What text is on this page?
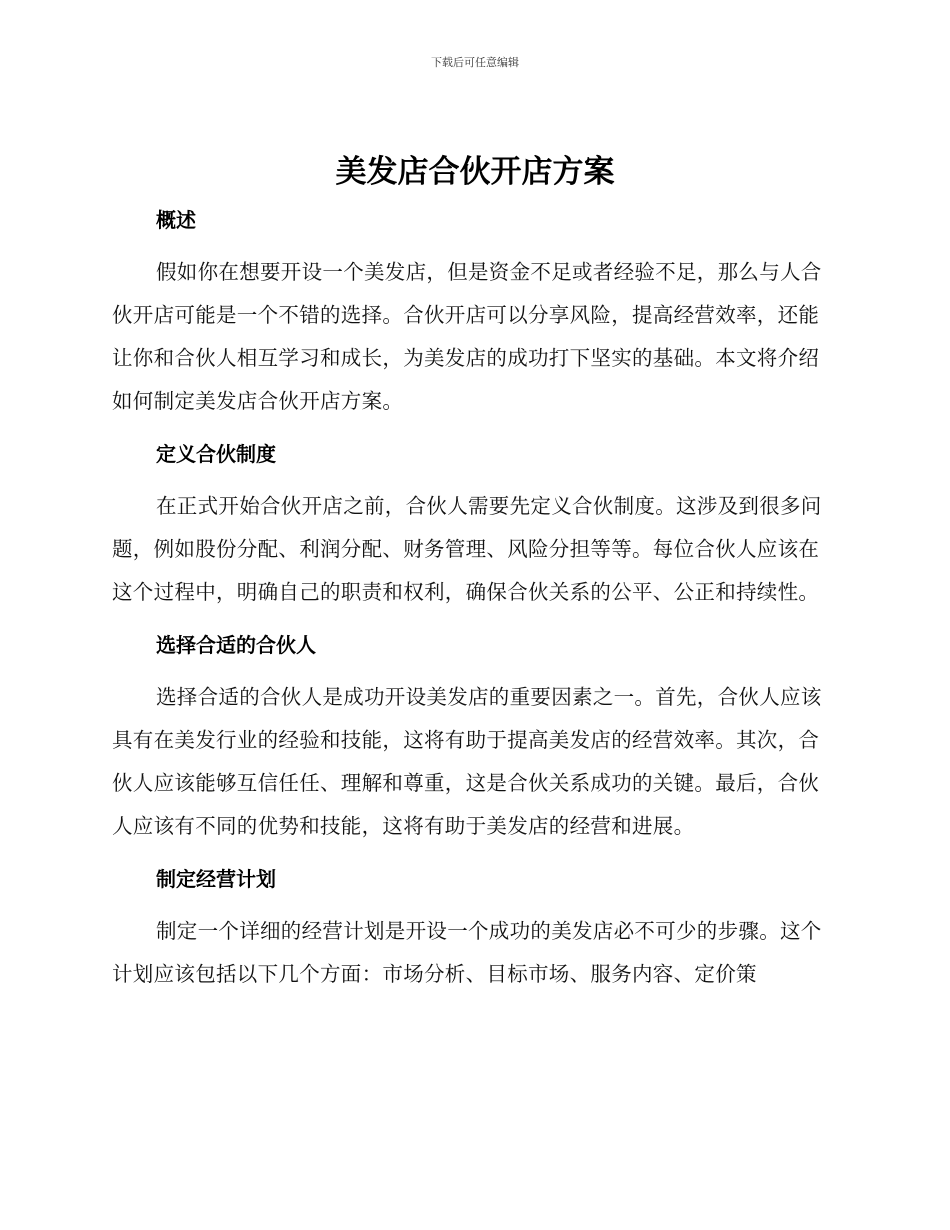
下载后可任意编辑
美发店合伙开店方案
概述

假如你在想要开设一个美发店，但是资金不足或者经验不足，那么与人合伙开店可能是一个不错的选择。合伙开店可以分享风险，提高经营效率，还能让你和合伙人相互学习和成长，为美发店的成功打下坚实的基础。本文将介绍如何制定美发店合伙开店方案。

定义合伙制度

在正式开始合伙开店之前，合伙人需要先定义合伙制度。这涉及到很多问题，例如股份分配、利润分配、财务管理、风险分担等等。每位合伙人应该在这个过程中，明确自己的职责和权利，确保合伙关系的公平、公正和持续性。

选择合适的合伙人

选择合适的合伙人是成功开设美发店的重要因素之一。首先，合伙人应该具有在美发行业的经验和技能，这将有助于提高美发店的经营效率。其次，合伙人应该能够互信任任、理解和尊重，这是合伙关系成功的关键。最后，合伙人应该有不同的优势和技能，这将有助于美发店的经营和进展。

制定经营计划

制定一个详细的经营计划是开设一个成功的美发店必不可少的步骤。这个计划应该包括以下几个方面：市场分析、目标市场、服务内容、定价策
